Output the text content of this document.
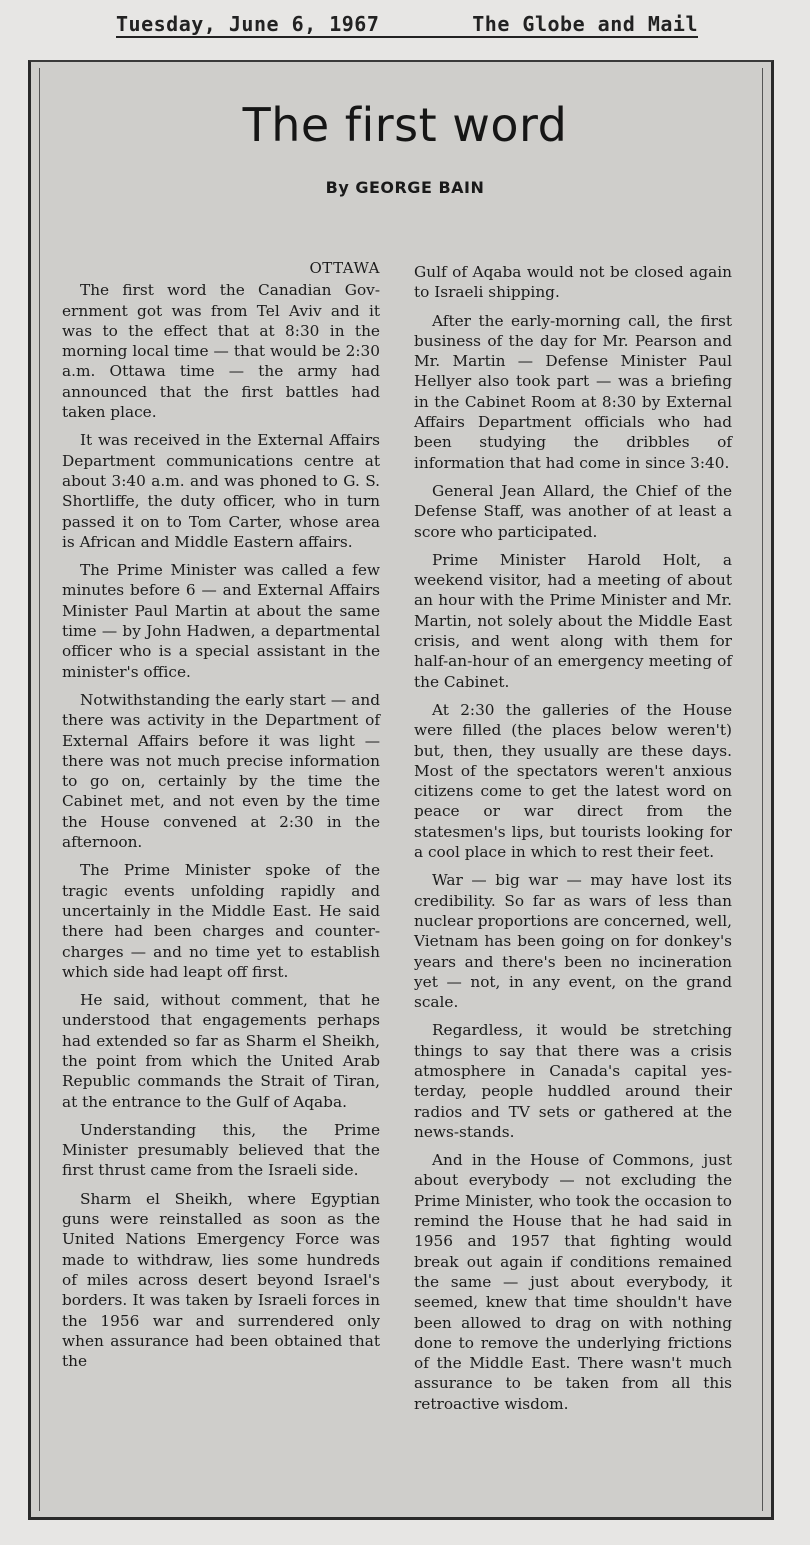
Tuesday, June 6, 1967	The Globe and Mail
The first word
By GEORGE BAIN
OTTAWA

The first word the Canadian Government got was from Tel Aviv and it was to the effect that at 8:30 in the morning local time — that would be 2:30 a.m. Ottawa time — the army had announced that the first battles had taken place.

It was received in the External Affairs Department communications centre at about 3:40 a.m. and was phoned to G. S. Shortliffe, the duty officer, who in turn passed it on to Tom Carter, whose area is African and Middle Eastern affairs.

The Prime Minister was called a few minutes before 6 — and External Affairs Minister Paul Martin at about the same time — by John Hadwen, a departmental officer who is a special assistant in the minister's office.

Notwithstanding the early start — and there was activity in the Department of External Affairs before it was light — there was not much precise information to go on, certainly by the time the Cabinet met, and not even by the time the House convened at 2:30 in the afternoon.

The Prime Minister spoke of the tragic events unfolding rapidly and uncertainly in the Middle East. He said there had been charges and counter-charges — and no time yet to establish which side had leapt off first.

He said, without comment, that he understood that engagements perhaps had extended so far as Sharm el Sheikh, the point from which the United Arab Republic commands the Strait of Tiran, at the entrance to the Gulf of Aqaba.

Understanding this, the Prime Minister presumably believed that the first thrust came from the Israeli side.

Sharm el Sheikh, where Egyptian guns were reinstalled as soon as the United Nations Emergency Force was made to withdraw, lies some hundreds of miles across desert beyond Israel's borders. It was taken by Israeli forces in the 1956 war and surrendered only when assurance had been obtained that the

Gulf of Aqaba would not be closed again to Israeli shipping.

After the early-morning call, the first business of the day for Mr. Pearson and Mr. Martin — Defense Minister Paul Hellyer also took part — was a briefing in the Cabinet Room at 8:30 by External Affairs Department officials who had been studying the dribbles of information that had come in since 3:40.

General Jean Allard, the Chief of the Defense Staff, was another of at least a score who participated.

Prime Minister Harold Holt, a weekend visitor, had a meeting of about an hour with the Prime Minister and Mr. Martin, not solely about the Middle East crisis, and went along with them for half-an-hour of an emergency meeting of the Cabinet.

At 2:30 the galleries of the House were filled (the places below weren't) but, then, they usually are these days. Most of the spectators weren't anxious citizens come to get the latest word on peace or war direct from the statesmen's lips, but tourists looking for a cool place in which to rest their feet.

War — big war — may have lost its credibility. So far as wars of less than nuclear proportions are concerned, well, Vietnam has been going on for donkey's years and there's been no incineration yet — not, in any event, on the grand scale.

Regardless, it would be stretching things to say that there was a crisis atmosphere in Canada's capital yesterday, people huddled around their radios and TV sets or gathered at the news-stands.

And in the House of Commons, just about everybody — not excluding the Prime Minister, who took the occasion to remind the House that he had said in 1956 and 1957 that fighting would break out again if conditions remained the same — just about everybody, it seemed, knew that time shouldn't have been allowed to drag on with nothing done to remove the underlying frictions of the Middle East. There wasn't much assurance to be taken from all this retroactive wisdom.
